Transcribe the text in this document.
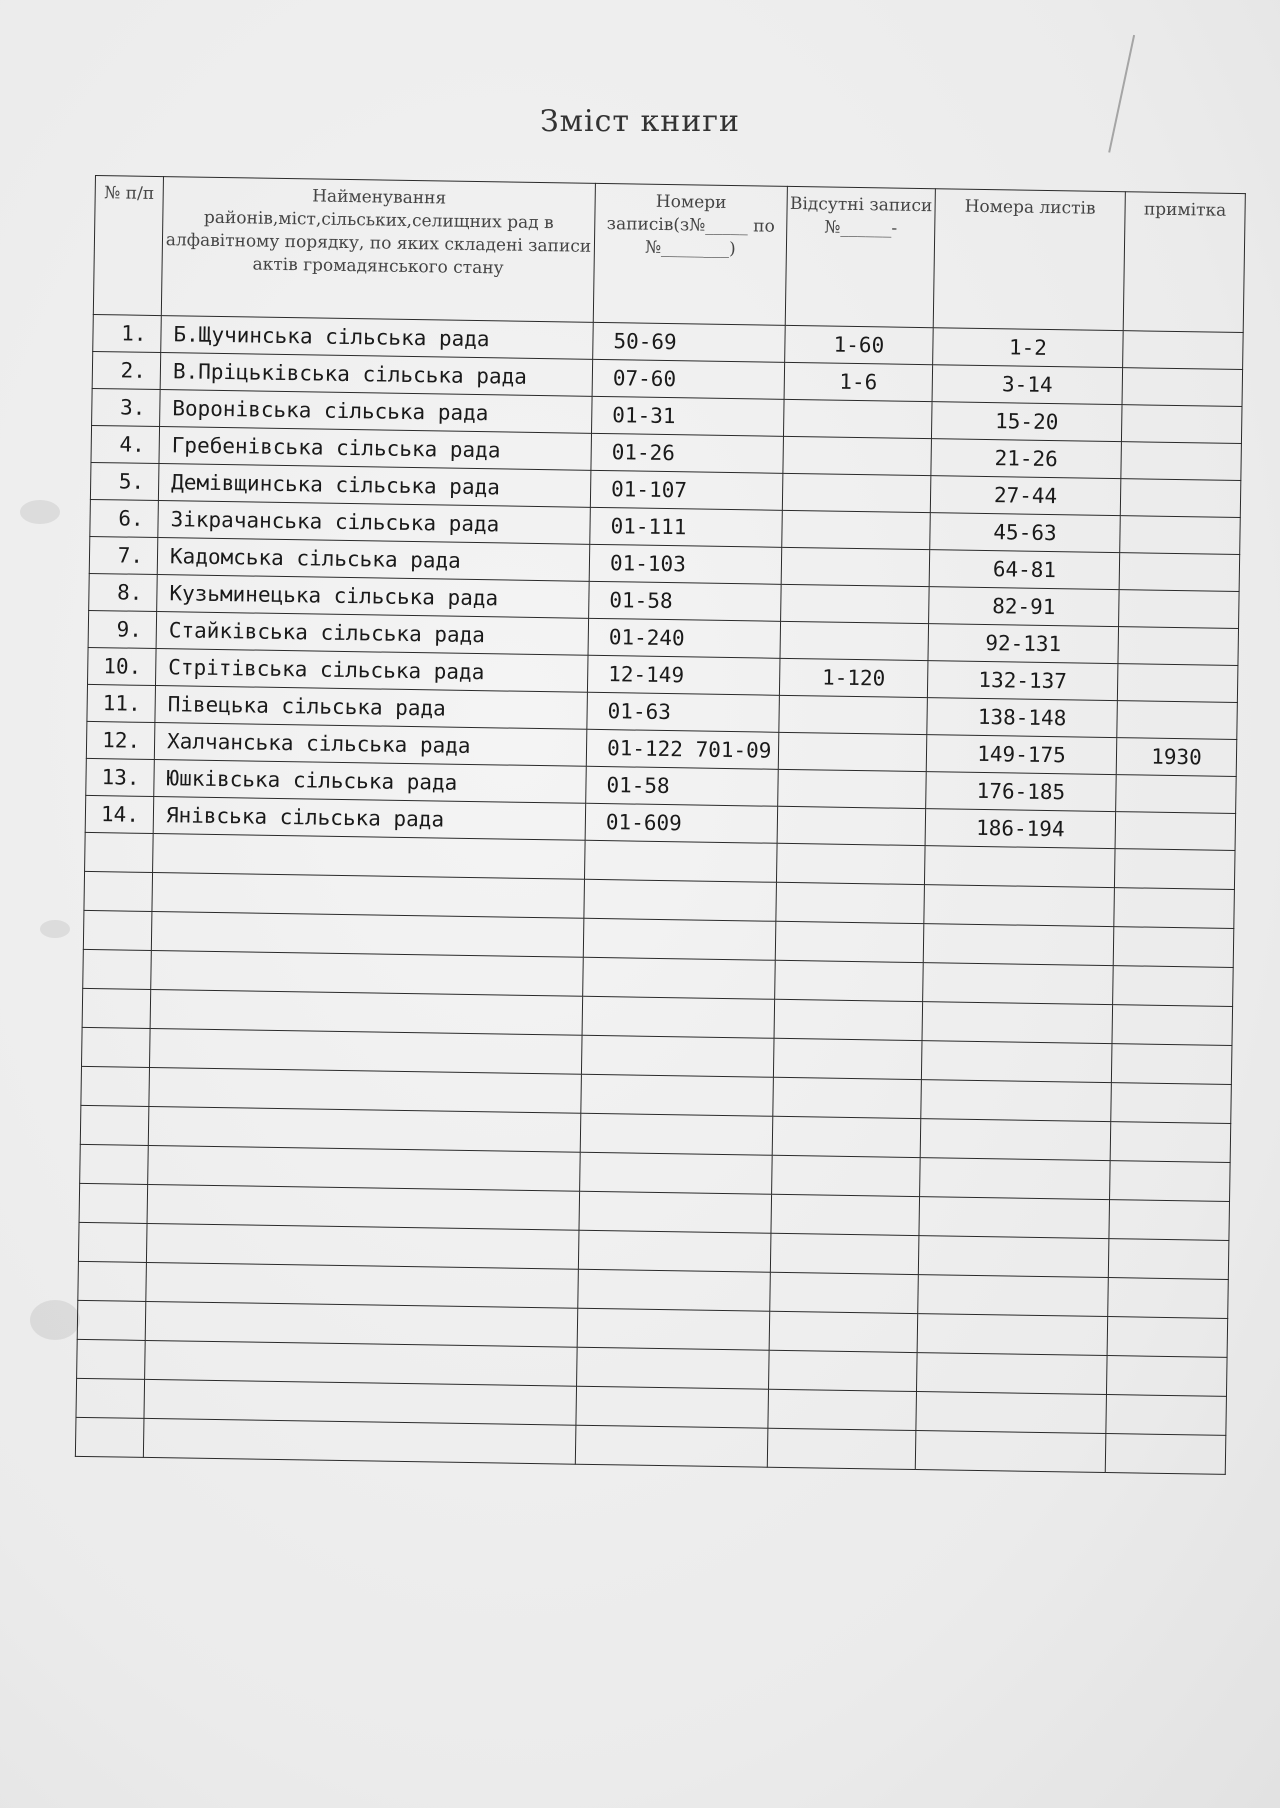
Зміст книги
№ п/п	Найменування районів,міст,сільських,селищних рад в алфавітному порядку, по яких складені записи актів громадянського стану	Номери записів(з№_____ по №________)	Відсутні записи №______-	Номера листів	примітка
1.	Б.Щучинська сільська рада	50-69	1-60	1-2	
2.	В.Пріцьківська сільська рада	07-60	1-6	3-14	
3.	Воронівська сільська рада	01-31		15-20	
4.	Гребенівська сільська рада	01-26		21-26	
5.	Демівщинська сільська рада	01-107		27-44	
6.	Зікрачанська сільська рада	01-111		45-63	
7.	Кадомська сільська рада	01-103		64-81	
8.	Кузьминецька сільська рада	01-58		82-91	
9.	Стайківська сільська рада	01-240		92-131	
10.	Стрітівська сільська рада	12-149	1-120	132-137	
11.	Півецька сільська рада	01-63		138-148	
12.	Халчанська сільська рада	01-122 701-09		149-175	1930
13.	Юшківська сільська рада	01-58		176-185	
14.	Янівська сільська рада	01-609		186-194	
